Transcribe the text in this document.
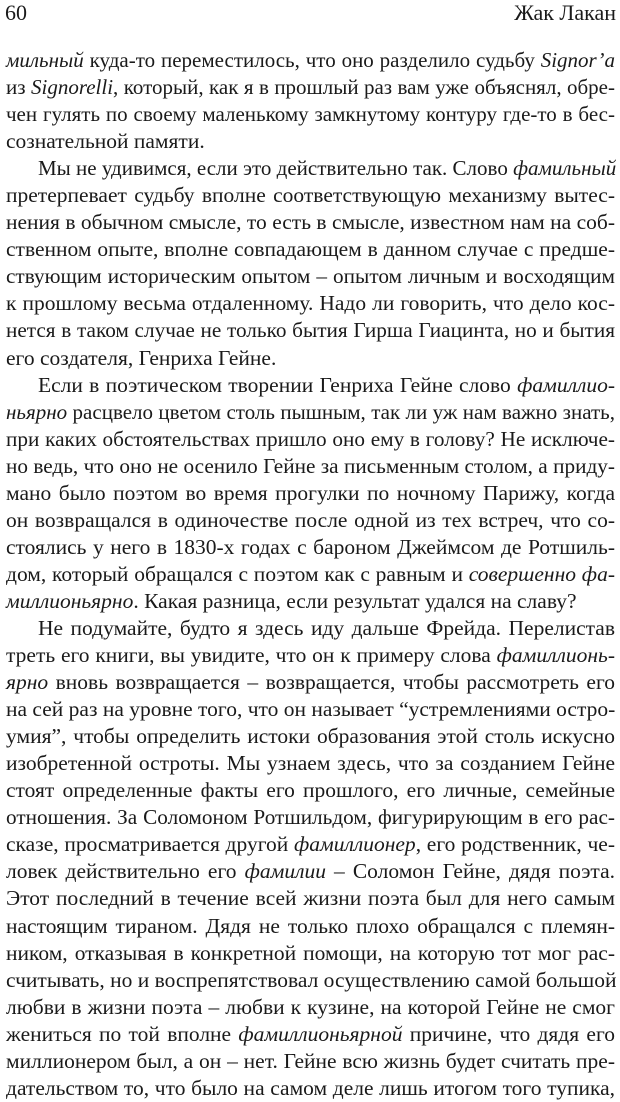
60	Жак Лакан
мильный куда-то переместилось, что оно разделило судьбу Signor’a
из Signorelli, который, как я в прошлый раз вам уже объяснял, обре-
чен гулять по своему маленькому замкнутому контуру где-то в бес-
сознательной памяти.
Мы не удивимся, если это действительно так. Слово фамильный
претерпевает судьбу вполне соответствующую механизму вытес-
нения в обычном смысле, то есть в смысле, известном нам на соб-
ственном опыте, вполне совпадающем в данном случае с предше-
ствующим историческим опытом – опытом личным и восходящим
к прошлому весьма отдаленному. Надо ли говорить, что дело кос-
нется в таком случае не только бытия Гирша Гиацинта, но и бытия
его создателя, Генриха Гейне.
Если в поэтическом творении Генриха Гейне слово фамиллио-
ньярно расцвело цветом столь пышным, так ли уж нам важно знать,
при каких обстоятельствах пришло оно ему в голову? Не исключе-
но ведь, что оно не осенило Гейне за письменным столом, а приду-
мано было поэтом во время прогулки по ночному Парижу, когда
он возвращался в одиночестве после одной из тех встреч, что со-
стоялись у него в 1830-х годах с бароном Джеймсом де Ротшиль-
дом, который обращался с поэтом как с равным и совершенно фа-
миллионьярно. Какая разница, если результат удался на славу?
Не подумайте, будто я здесь иду дальше Фрейда. Перелистав
треть его книги, вы увидите, что он к примеру слова фамиллионь-
ярно вновь возвращается – возвращается, чтобы рассмотреть его
на сей раз на уровне того, что он называет “устремлениями остро-
умия”, чтобы определить истоки образования этой столь искусно
изобретенной остроты. Мы узнаем здесь, что за созданием Гейне
стоят определенные факты его прошлого, его личные, семейные
отношения. За Соломоном Ротшильдом, фигурирующим в его рас-
сказе, просматривается другой фамиллионер, его родственник, че-
ловек действительно его фамилии – Соломон Гейне, дядя поэта.
Этот последний в течение всей жизни поэта был для него самым
настоящим тираном. Дядя не только плохо обращался с племян-
ником, отказывая в конкретной помощи, на которую тот мог рас-
считывать, но и воспрепятствовал осуществлению самой большой
любви в жизни поэта – любви к кузине, на которой Гейне не смог
жениться по той вполне фамиллионьярной причине, что дядя его
миллионером был, а он – нет. Гейне всю жизнь будет считать пре-
дательством то, что было на самом деле лишь итогом того тупика,
